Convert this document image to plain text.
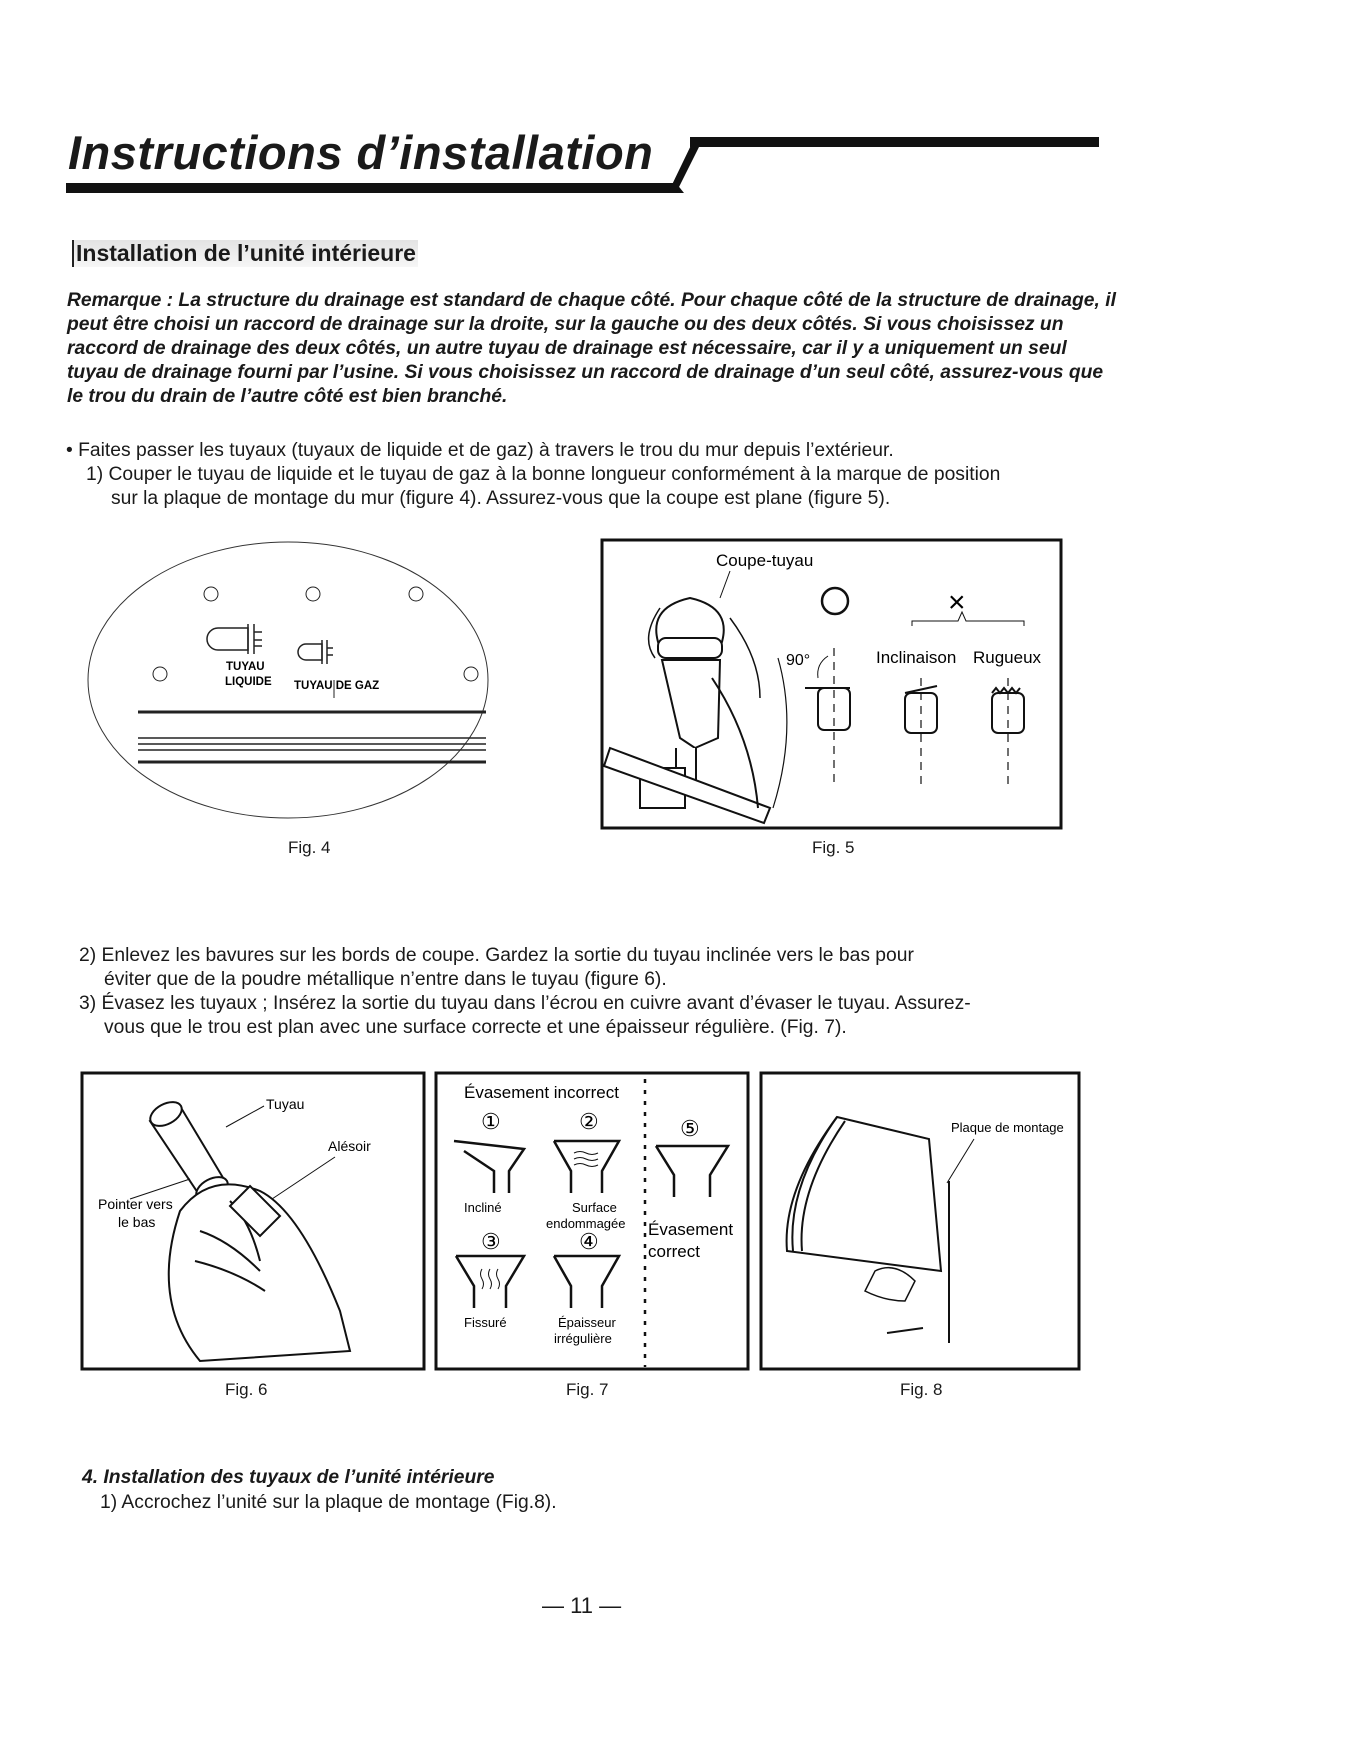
Instructions d’installation
Installation de l’unité intérieure
Remarque : La structure du drainage est standard de chaque côté. Pour chaque côté de la structure de drainage, il peut être choisi un raccord de drainage sur la droite, sur la gauche ou des deux côtés. Si vous choisissez un raccord de drainage des deux côtés, un autre tuyau de drainage est nécessaire, car il y a uniquement un seul tuyau de drainage fourni par l’usine. Si vous choisissez un raccord de drainage d’un seul côté, assurez-vous que le trou du drain de l’autre côté est bien branché.
• Faites passer les tuyaux (tuyaux de liquide et de gaz) à travers le trou du mur depuis l’extérieur.
1) Couper le tuyau de liquide et le tuyau de gaz à la bonne longueur conformément à la marque de position
sur la plaque de montage du mur (figure 4). Assurez-vous que la coupe est plane (figure 5).
TUYAU
LIQUIDE TUYAU DE GAZ
Fig. 4
Coupe-tuyau
×
90°	Inclinaison Rugueux
Fig. 5
2) Enlevez les bavures sur les bords de coupe. Gardez la sortie du tuyau inclinée vers le bas pour
éviter que de la poudre métallique n’entre dans le tuyau (figure 6).
3) Évasez les tuyaux ; Insérez la sortie du tuyau dans l’écrou en cuivre avant d’évaser le tuyau. Assurez-
vous que le trou est plan avec une surface correcte et une épaisseur régulière. (Fig. 7).
Tuyau
Alésoir
Pointer vers
le bas
Fig. 6
Évasement incorrect
①	②	⑤
Incliné	Surface
endommagée
③	④	Évasement
correct
Fissuré	Épaisseur
irrégulière
Fig. 7
Plaque de montage
Fig. 8
4. Installation des tuyaux de l’unité intérieure
1) Accrochez l’unité sur la plaque de montage (Fig.8).
— 11 —
